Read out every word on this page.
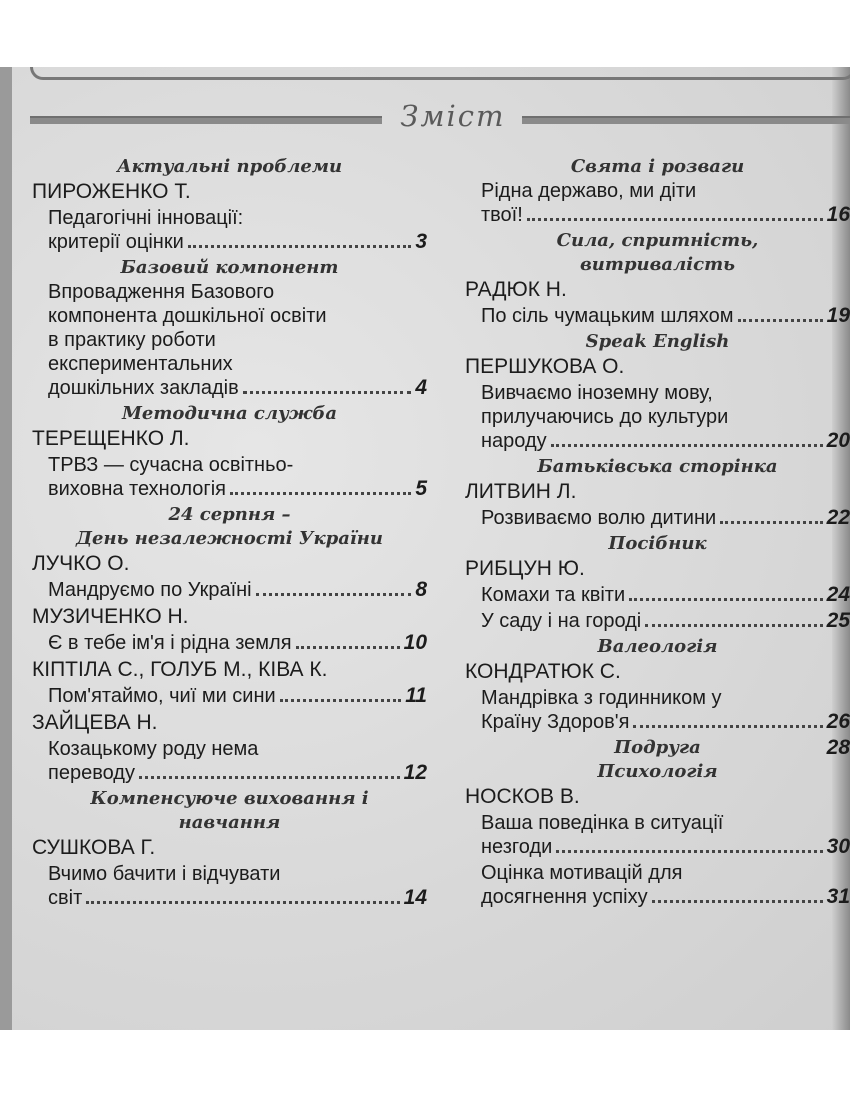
Зміст
Актуальні проблеми
ПИРОЖЕНКО Т.
Педагогічні інновації:
критерії оцінки	3
Базовий компонент
Впровадження Базового
компонента дошкільної освіти
в практику роботи
експериментальних
дошкільних закладів	4
Методична служба
ТЕРЕЩЕНКО Л.
ТРВЗ — сучасна освітньо-
виховна технологія	5
24 серпня –
День незалежності України
ЛУЧКО О.
Мандруємо по Україні	8
МУЗИЧЕНКО Н.
Є в тебе ім'я і рідна земля	10
КІПТІЛА С., ГОЛУБ М., КІВА К.
Пом'ятаймо, чиї ми сини	11
ЗАЙЦЕВА Н.
Козацькому роду нема
переводу	12
Компенсуюче виховання і
навчання
СУШКОВА Г.
Вчимо бачити і відчувати
світ	14
Свята і розваги
Рідна державо, ми діти
твої!	16
Сила, спритність,
витривалість
РАДЮК Н.
По сіль чумацьким шляхом	19
Speak English
ПЕРШУКОВА О.
Вивчаємо іноземну мову,
прилучаючись до культури
народу	20
Батьківська сторінка
ЛИТВИН Л.
Розвиваємо волю дитини	22
Посібник
РИБЦУН Ю.
Комахи та квіти	24
У саду і на городі	25
Валеологія
КОНДРАТЮК С.
Мандрівка з годинником у
Країну Здоров'я	26
Подруга	28
Психологія
НОСКОВ В.
Ваша поведінка в ситуації
незгоди	30
Оцінка мотивацій для
досягнення успіху	31
